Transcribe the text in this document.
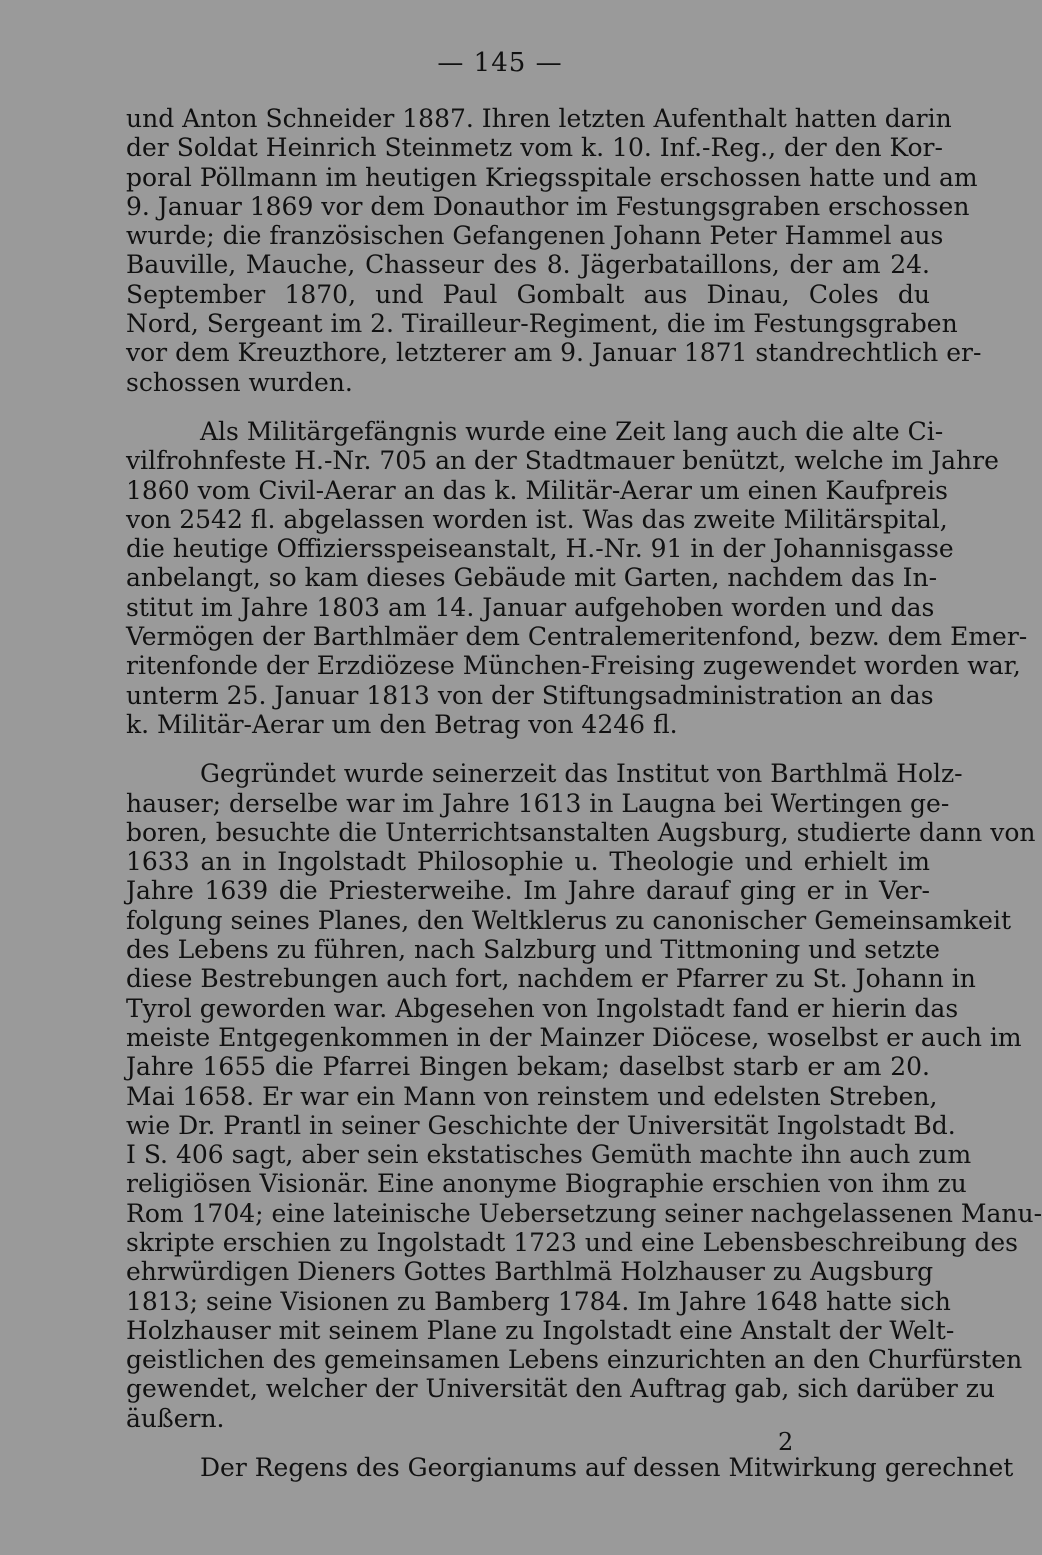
— 145 —
und Anton Schneider 1887. Ihren letzten Aufenthalt hatten darin
der Soldat Heinrich Steinmetz vom k. 10. Inf.-Reg., der den Kor-
poral Pöllmann im heutigen Kriegsspitale erschossen hatte und am
9. Januar 1869 vor dem Donauthor im Festungsgraben erschossen
wurde; die französischen Gefangenen Johann Peter Hammel aus
Bauville, Mauche, Chasseur des 8. Jägerbataillons, der am 24.
September 1870, und Paul Gombalt aus Dinau, Coles du
Nord, Sergeant im 2. Tirailleur-Regiment, die im Festungsgraben
vor dem Kreuzthore, letzterer am 9. Januar 1871 standrechtlich er-
schossen wurden.
Als Militärgefängnis wurde eine Zeit lang auch die alte Ci-
vilfrohnfeste H.-Nr. 705 an der Stadtmauer benützt, welche im Jahre
1860 vom Civil-Aerar an das k. Militär-Aerar um einen Kaufpreis
von 2542 fl. abgelassen worden ist. Was das zweite Militärspital,
die heutige Offiziersspeiseanstalt, H.-Nr. 91 in der Johannisgasse
anbelangt, so kam dieses Gebäude mit Garten, nachdem das In-
stitut im Jahre 1803 am 14. Januar aufgehoben worden und das
Vermögen der Barthlmäer dem Centralemeritenfond, bezw. dem Emer-
ritenfonde der Erzdiözese München-Freising zugewendet worden war,
unterm 25. Januar 1813 von der Stiftungsadministration an das
k. Militär-Aerar um den Betrag von 4246 fl.
Gegründet wurde seinerzeit das Institut von Barthlmä Holz-
hauser; derselbe war im Jahre 1613 in Laugna bei Wertingen ge-
boren, besuchte die Unterrichtsanstalten Augsburg, studierte dann von
1633 an in Ingolstadt Philosophie u. Theologie und erhielt im
Jahre 1639 die Priesterweihe. Im Jahre darauf ging er in Ver-
folgung seines Planes, den Weltklerus zu canonischer Gemeinsamkeit
des Lebens zu führen, nach Salzburg und Tittmoning und setzte
diese Bestrebungen auch fort, nachdem er Pfarrer zu St. Johann in
Tyrol geworden war. Abgesehen von Ingolstadt fand er hierin das
meiste Entgegenkommen in der Mainzer Diöcese, woselbst er auch im
Jahre 1655 die Pfarrei Bingen bekam; daselbst starb er am 20.
Mai 1658. Er war ein Mann von reinstem und edelsten Streben,
wie Dr. Prantl in seiner Geschichte der Universität Ingolstadt Bd.
I S. 406 sagt, aber sein ekstatisches Gemüth machte ihn auch zum
religiösen Visionär. Eine anonyme Biographie erschien von ihm zu
Rom 1704; eine lateinische Uebersetzung seiner nachgelassenen Manu-
skripte erschien zu Ingolstadt 1723 und eine Lebensbeschreibung des
ehrwürdigen Dieners Gottes Barthlmä Holzhauser zu Augsburg
1813; seine Visionen zu Bamberg 1784. Im Jahre 1648 hatte sich
Holzhauser mit seinem Plane zu Ingolstadt eine Anstalt der Welt-
geistlichen des gemeinsamen Lebens einzurichten an den Churfürsten
gewendet, welcher der Universität den Auftrag gab, sich darüber zu
äußern.
Der Regens des Georgianums auf dessen Mitwirkung gerechnet
2
